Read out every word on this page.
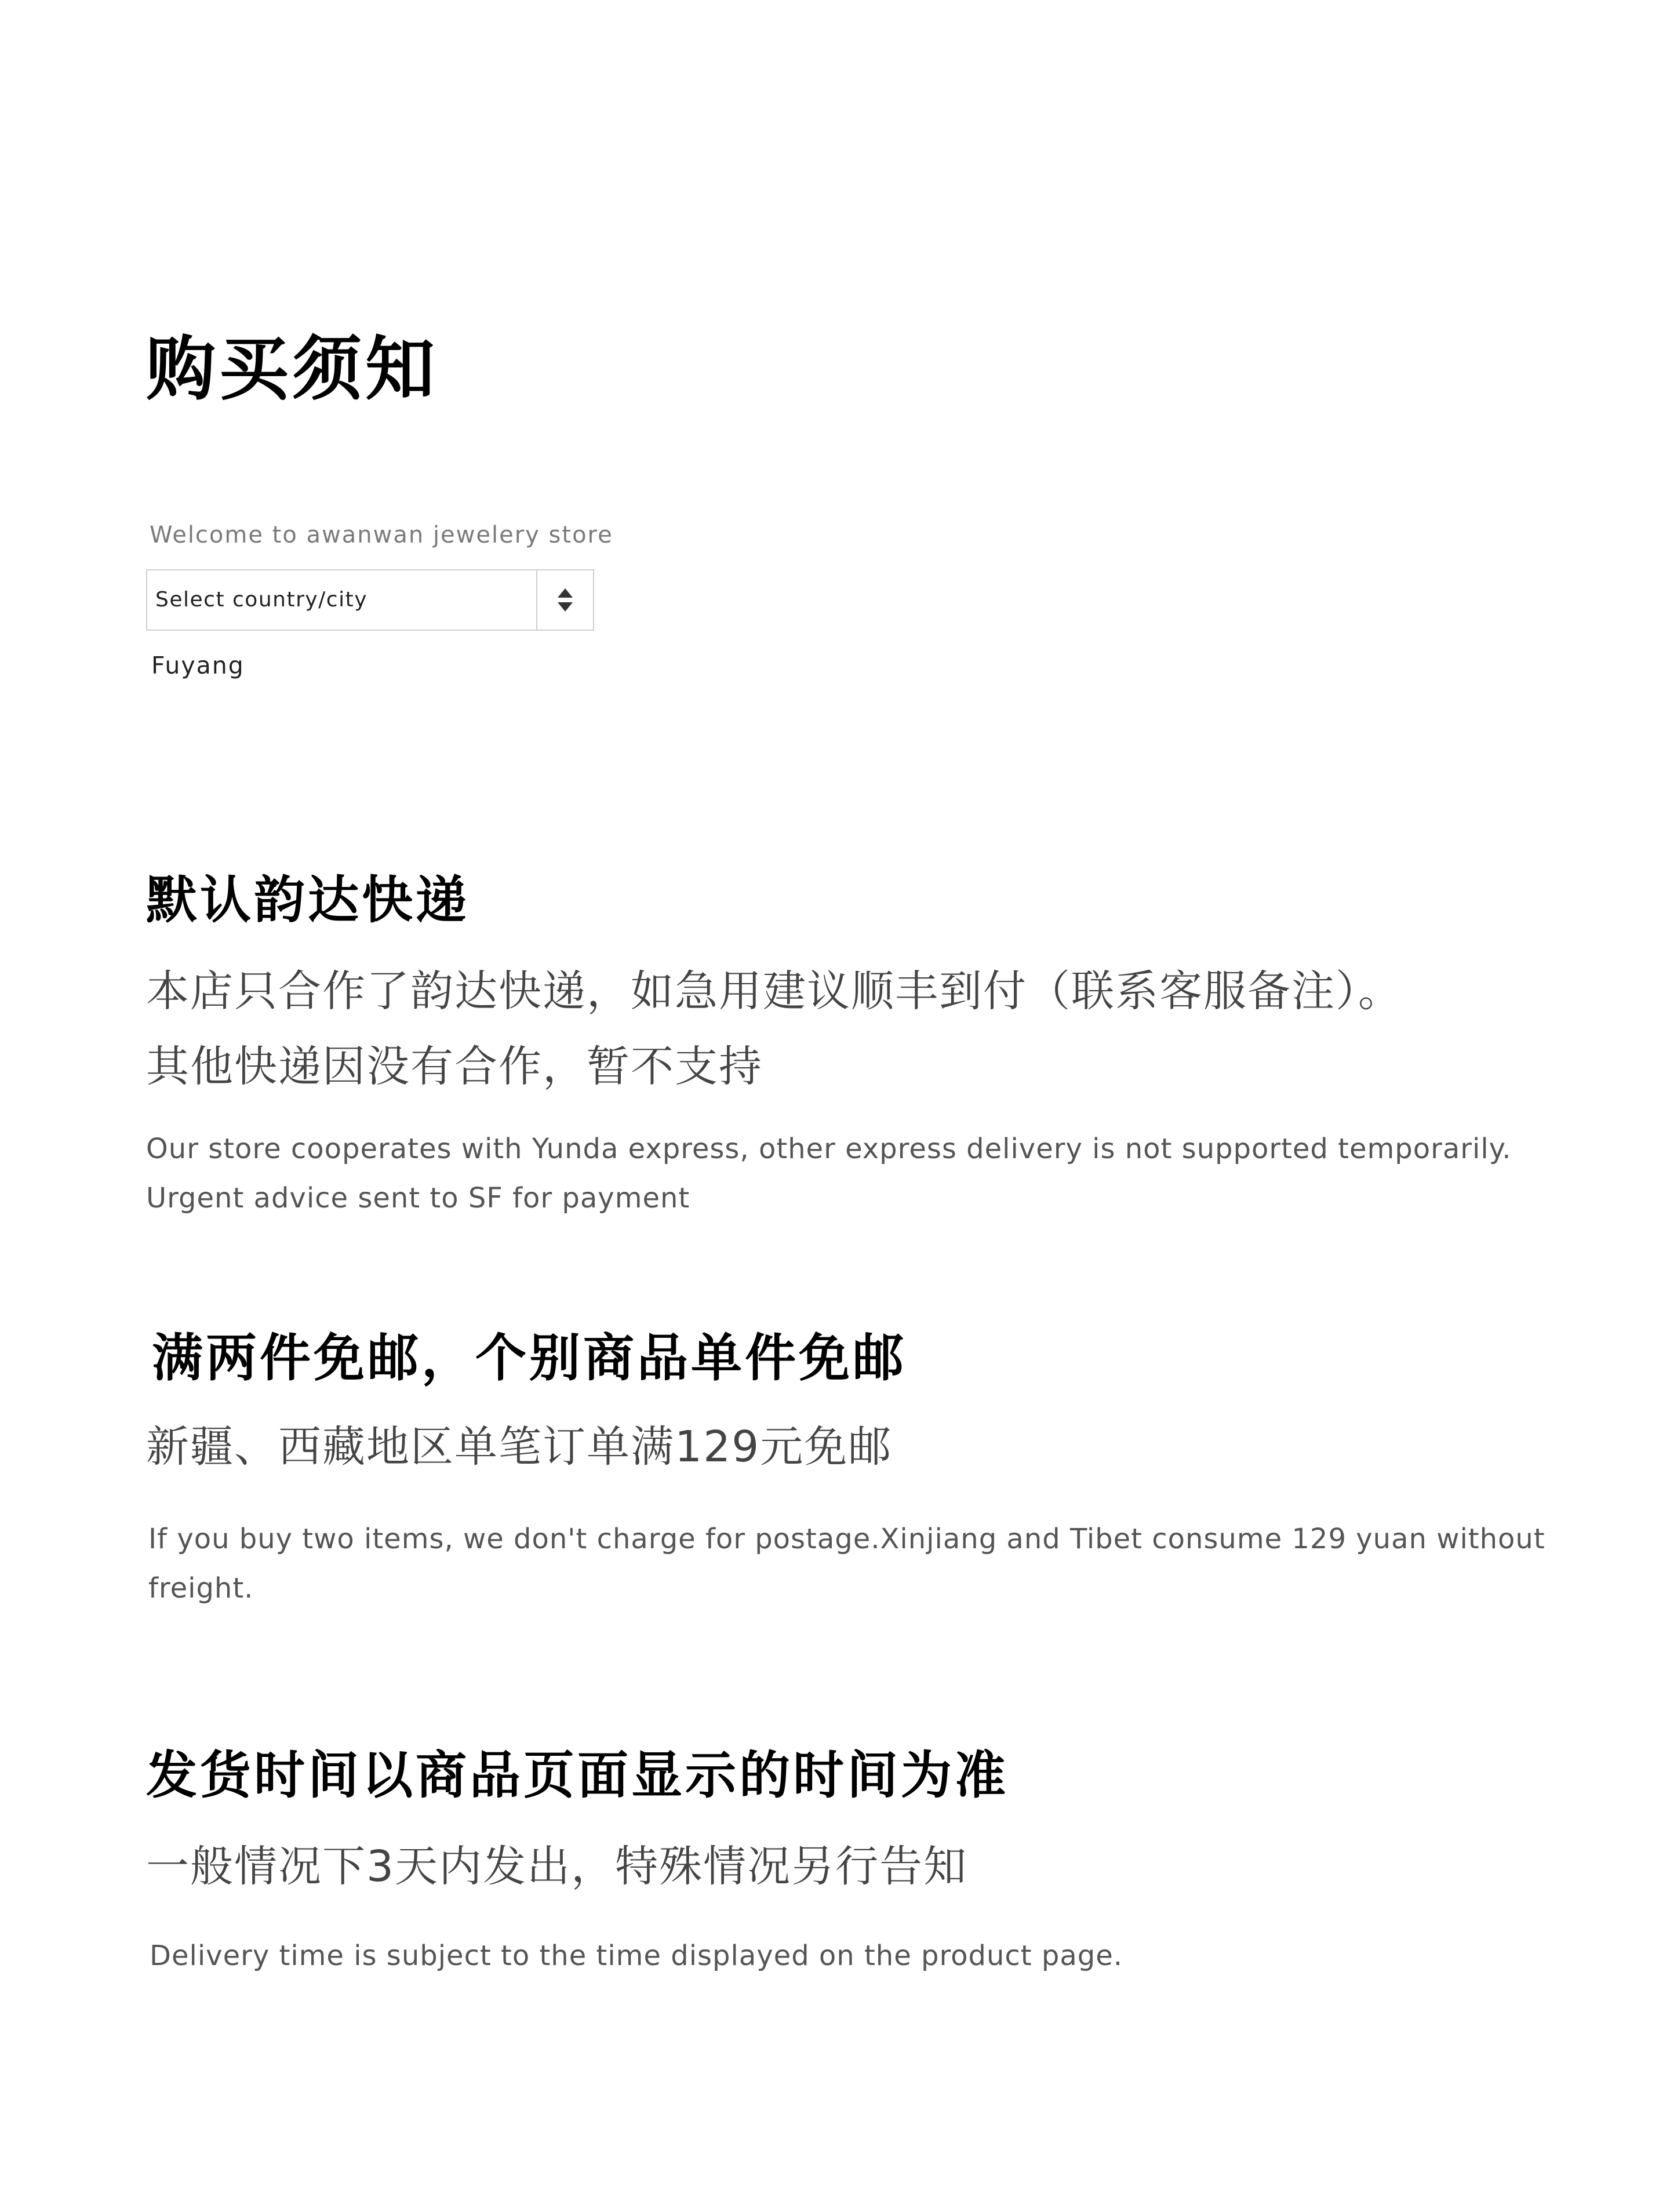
购买须知
Welcome to awanwan jewelery store
Select country/city
Fuyang
默认韵达快递
本店只合作了韵达快递，如急用建议顺丰到付（联系客服备注）。
其他快递因没有合作，暂不支持
Our store cooperates with Yunda express, other express delivery is not supported temporarily.
Urgent advice sent to SF for payment
满两件免邮，个别商品单件免邮
新疆、西藏地区单笔订单满129元免邮
If you buy two items, we don't charge for postage.Xinjiang and Tibet consume 129 yuan without
freight.
发货时间以商品页面显示的时间为准
一般情况下3天内发出，特殊情况另行告知
Delivery time is subject to the time displayed on the product page.
